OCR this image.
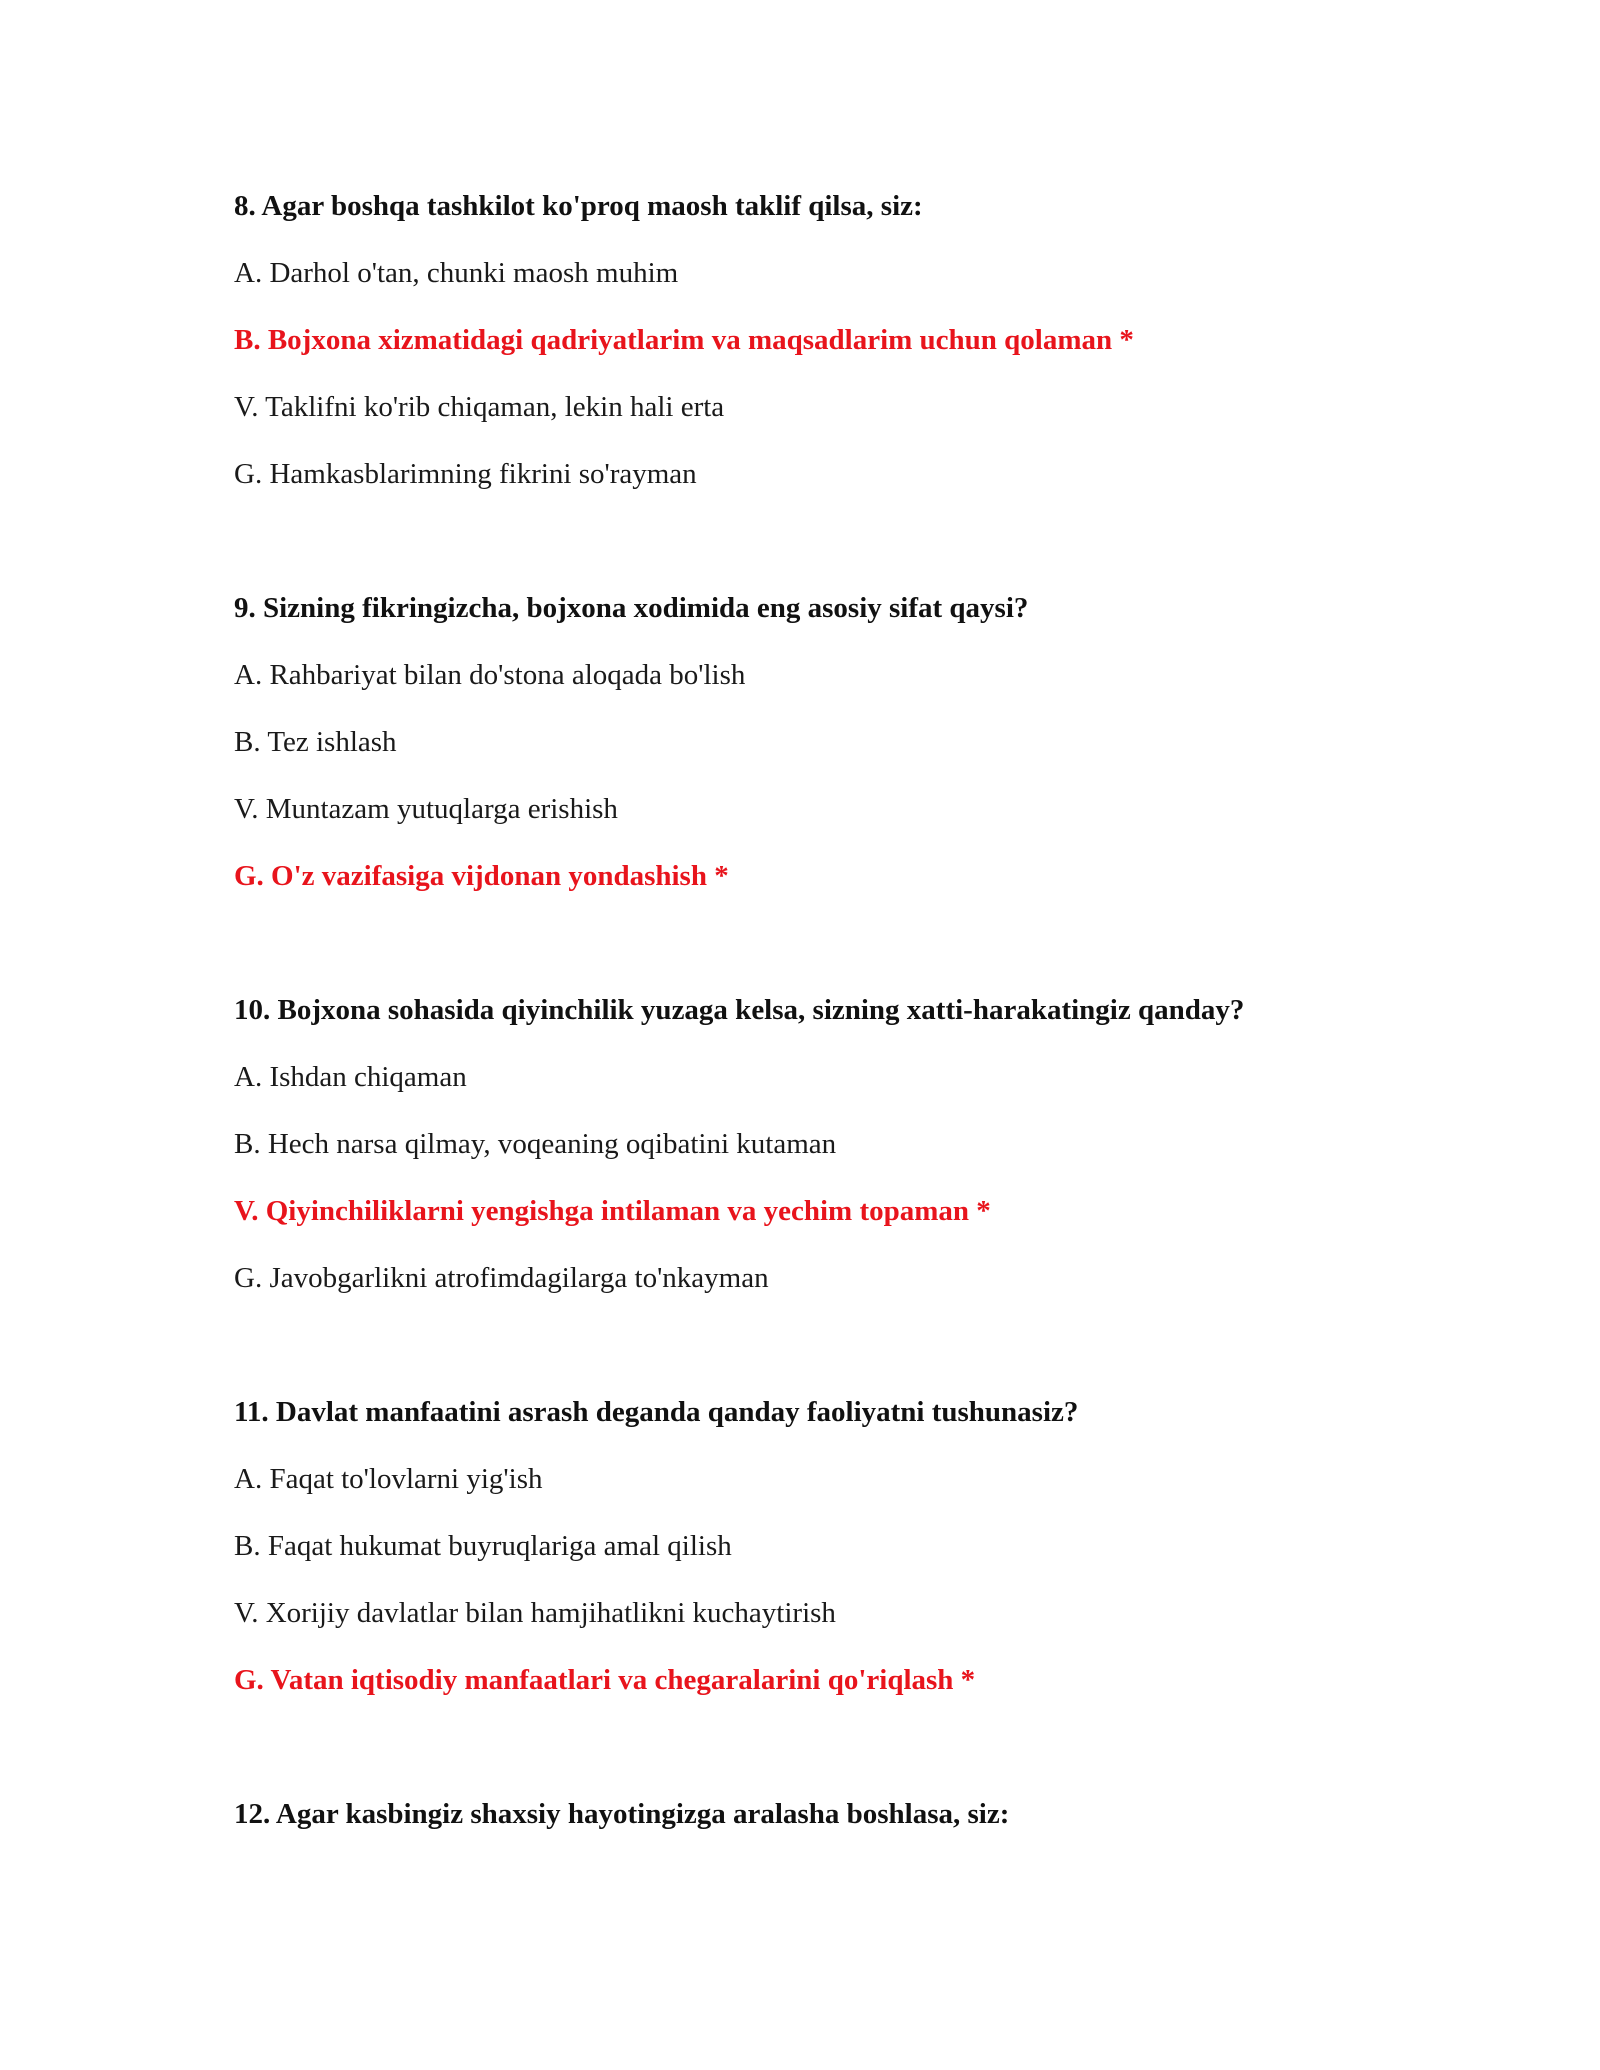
8. Agar boshqa tashkilot ko'proq maosh taklif qilsa, siz:
A. Darhol o'tan, chunki maosh muhim
B. Bojxona xizmatidagi qadriyatlarim va maqsadlarim uchun qolaman *
V. Taklifni ko'rib chiqaman, lekin hali erta
G. Hamkasblarimning fikrini so'rayman
9. Sizning fikringizcha, bojxona xodimida eng asosiy sifat qaysi?
A. Rahbariyat bilan do'stona aloqada bo'lish
B. Tez ishlash
V. Muntazam yutuqlarga erishish
G. O'z vazifasiga vijdonan yondashish *
10. Bojxona sohasida qiyinchilik yuzaga kelsa, sizning xatti-harakatingiz qanday?
A. Ishdan chiqaman
B. Hech narsa qilmay, voqeaning oqibatini kutaman
V. Qiyinchiliklarni yengishga intilaman va yechim topaman *
G. Javobgarlikni atrofimdagilarga to'nkayman
11. Davlat manfaatini asrash deganda qanday faoliyatni tushunasiz?
A. Faqat to'lovlarni yig'ish
B. Faqat hukumat buyruqlariga amal qilish
V. Xorijiy davlatlar bilan hamjihatlikni kuchaytirish
G. Vatan iqtisodiy manfaatlari va chegaralarini qo'riqlash *
12. Agar kasbingiz shaxsiy hayotingizga aralasha boshlasa, siz:
